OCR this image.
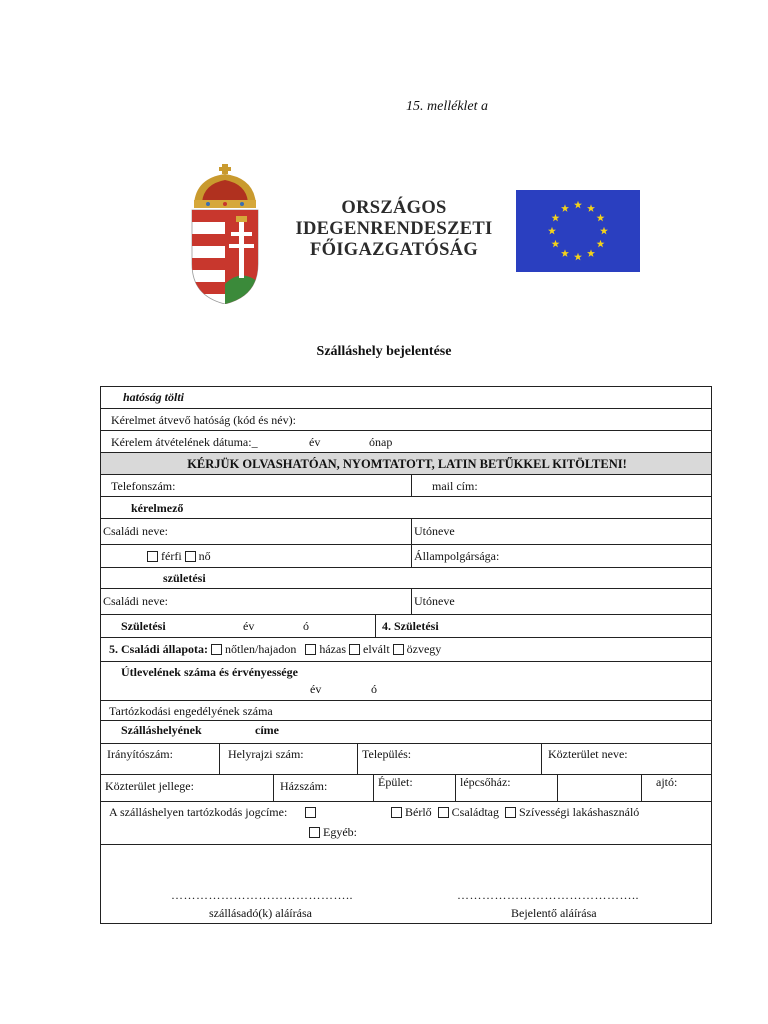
15. melléklet a
ORSZÁGOS
IDEGENRENDESZETI
FŐIGAZGATÓSÁG
Szálláshely bejelentése
hatóság tölti
Kérelmet átvevő hatóság (kód és név):
Kérelem átvételének dátuma:_	év	ónap
KÉRJÜK OLVASHATÓAN, NYOMTATOTT, LATIN BETŰKKEL KITÖLTENI!
Telefonszám:	mail cím:
kérelmező
Családi neve:	Utóneve
férfi nő	Állampolgársága:
születési
Családi neve:	Utóneve
Születési	év	ó	4. Születési
5. Családi állapota: nőtlen/hajadon házas elvált özvegy
Útlevelének száma és érvényessége
év	ó
Tartózkodási engedélyének száma
Szálláshelyének	címe
Irányítószám:	Helyrajzi szám:	Település:	Közterület neve:
Közterület jellege:	Házszám:	Épület:	lépcsőház:	ajtó:
A szálláshelyen tartózkodás jogcíme:	Bérlő Családtag Szívességi lakáshasználó
Egyéb:
……………………………………..	……………………………………..
szállásadó(k) aláírása	Bejelentő aláírása
